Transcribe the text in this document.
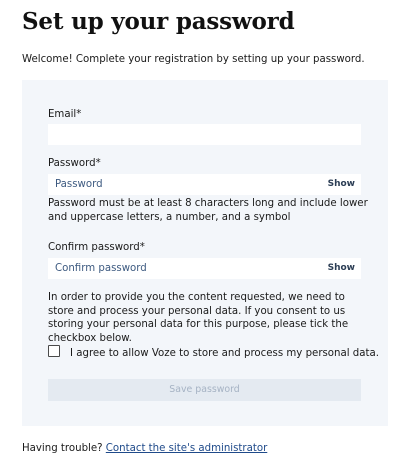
Set up your password

Welcome! Complete your registration by setting up your password.

Email*
Password*
Show
Password must be at least 8 characters long and include lower and uppercase letters, a number, and a symbol
Confirm password*
Show
In order to provide you the content requested, we need to store and process your personal data. If you consent to us storing your personal data for this purpose, please tick the checkbox below.
I agree to allow Voze to store and process my personal data.
Save password

Having trouble? Contact the site's administrator
